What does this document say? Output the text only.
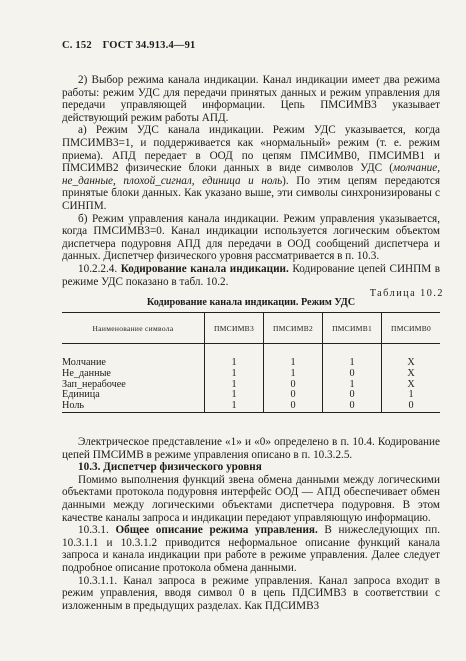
С. 152 ГОСТ 34.913.4—91

2) Выбор режима канала индикации. Канал индикации имеет два режима работы: режим УДС для передачи принятых данных и режим управления для передачи управляющей информации. Цепь ПМСИМВ3 указывает действующий режим работы АПД.

а) Режим УДС канала индикации. Режим УДС указывается, когда ПМСИМВ3=1, и поддерживается как «нормальный» режим (т. е. режим приема). АПД передает в ООД по цепям ПМСИМВ0, ПМСИМВ1 и ПМСИМВ2 физические блоки данных в виде символов УДС (молчание, не_данные, плохой_сигнал, единица и ноль). По этим цепям передаются принятые блоки данных. Как указано выше, эти символы синхронизированы с СИНПМ.

б) Режим управления канала индикации. Режим управления указывается, когда ПМСИМВ3=0. Канал индикации используется логическим объектом диспетчера подуровня АПД для передачи в ООД сообщений диспетчера и данных. Диспетчер физического уровня рассматривается в п. 10.3.

10.2.2.4. Кодирование канала индикации. Кодирование цепей СИНПМ в режиме УДС показано в табл. 10.2.

Таблица 10.2
Кодирование канала индикации. Режим УДС
Наименование символа	ПМСИМВ3	ПМСИМВ2	ПМСИМВ1	ПМСИМВ0

Молчание	1	1	1	X
Не_данные	1	1	0	X
Зап_нерабочее	1	0	1	X
Единица	1	0	0	1
Ноль	1	0	0	0

Электрическое представление «1» и «0» определено в п. 10.4. Кодирование цепей ПМСИМВ в режиме управления описано в п. 10.3.2.5.

10.3. Диспетчер физического уровня

Помимо выполнения функций звена обмена данными между логическими объектами протокола подуровня интерфейс ООД — АПД обеспечивает обмен данными между логическими объектами диспетчера подуровня. В этом качестве каналы запроса и индикации передают управляющую информацию.

10.3.1. Общее описание режима управления. В нижеследующих пп. 10.3.1.1 и 10.3.1.2 приводится неформальное описание функций канала запроса и канала индикации при работе в режиме управления. Далее следует подробное описание протокола обмена данными.

10.3.1.1. Канал запроса в режиме управления. Канал запроса входит в режим управления, вводя символ 0 в цепь ПДСИМВ3 в соответствии с изложенным в предыдущих разделах. Как ПДСИМВ3
